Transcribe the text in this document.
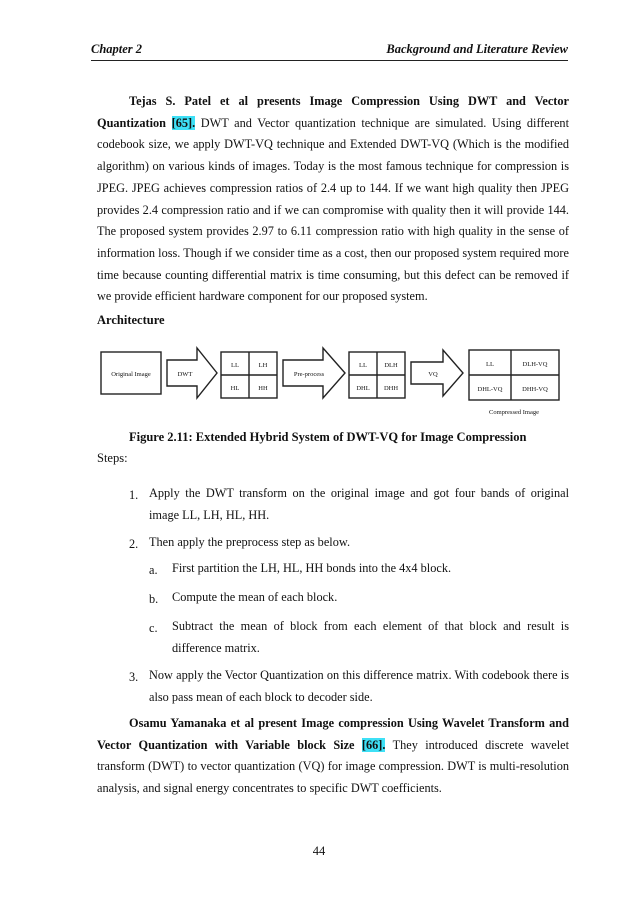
Chapter 2	Background and Literature Review
Tejas S. Patel et al presents Image Compression Using DWT and Vector Quantization [65]. DWT and Vector quantization technique are simulated. Using different codebook size, we apply DWT-VQ technique and Extended DWT-VQ (Which is the modified algorithm) on various kinds of images. Today is the most famous technique for compression is JPEG. JPEG achieves compression ratios of 2.4 up to 144. If we want high quality then JPEG provides 2.4 compression ratio and if we can compromise with quality then it will provide 144. The proposed system provides 2.97 to 6.11 compression ratio with high quality in the sense of information loss. Though if we consider time as a cost, then our proposed system required more time because counting differential matrix is time consuming, but this defect can be removed if we provide efficient hardware component for our proposed system.
Architecture
Original Image	DWT
LL	LH
HL	HH
Pre-process
LL	DLH
DHL DHH
VQ
LL	DLH-VQ
DHL-VQ	DHH-VQ
Compressed Image
Figure 2.11: Extended Hybrid System of DWT-VQ for Image Compression
Steps:
1. Apply the DWT transform on the original image and got four bands of original image LL, LH, HL, HH.
2. Then apply the preprocess step as below.
a. First partition the LH, HL, HH bonds into the 4x4 block.
b. Compute the mean of each block.
c. Subtract the mean of block from each element of that block and result is difference matrix.
3. Now apply the Vector Quantization on this difference matrix. With codebook there is also pass mean of each block to decoder side.
Osamu Yamanaka et al present Image compression Using Wavelet Transform and Vector Quantization with Variable block Size [66]. They introduced discrete wavelet transform (DWT) to vector quantization (VQ) for image compression. DWT is multi-resolution analysis, and signal energy concentrates to specific DWT coefficients.
44
